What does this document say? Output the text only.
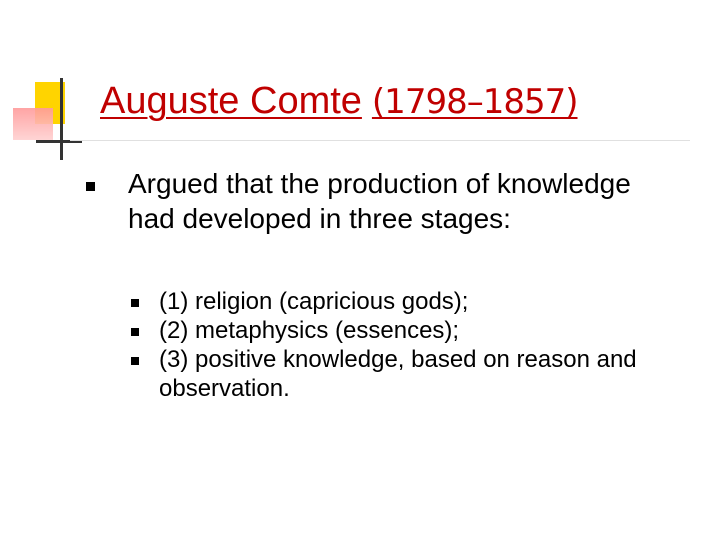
Auguste Comte (1798–1857)
Argued that the production of knowledge had developed in three stages:
(1) religion (capricious gods);
(2) metaphysics (essences);
(3) positive knowledge, based on reason and observation.
